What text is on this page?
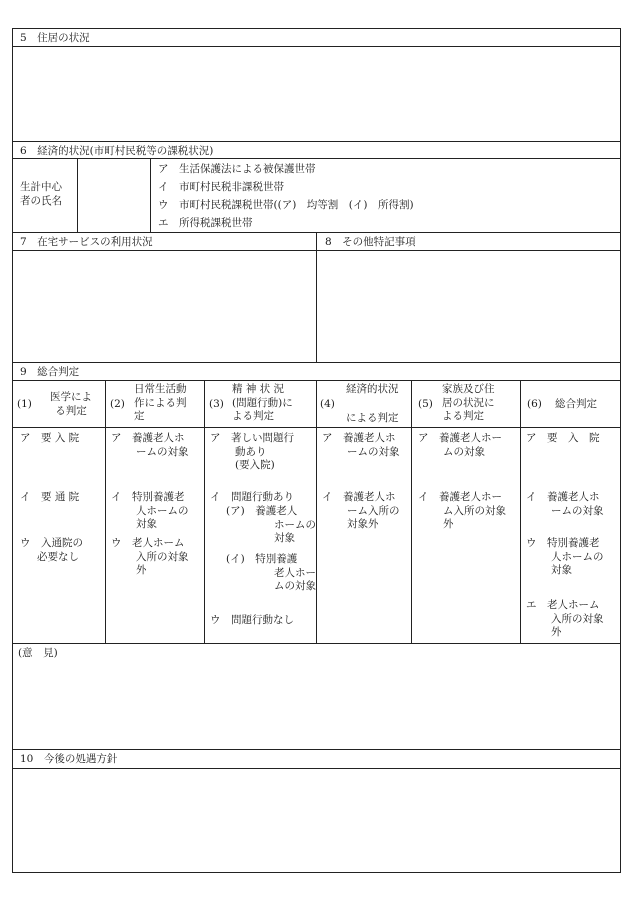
5　住居の状況
6　経済的状況(市町村民税等の課税状況)
生計中心
者の氏名
ア　生活保護法による被保護世帯
イ　市町村民税非課税世帯
ウ　市町村民税課税世帯((ア)　均等割　(イ)　所得割)
エ　所得税課税世帯
7　在宅サービスの利用状況	8　その他特記事項
9　総合判定
(1)
医学によ
る判定
(2)
日常生活動
作による判
定
(3)
精 神 状 況
(問題行動)に
よる判定
(4)
経済的状況
による判定
(5)
家族及び住
居の状況に
よる判定
(6) 総合判定
ア　要 入 院
イ　要 通 院
ウ　入通院の
必要なし
ア　養護老人ホ
ームの対象
イ　特別養護老
人ホームの
対象
ウ　老人ホーム
入所の対象
外
ア　著しい問題行
動あり
(要入院)
イ　問題行動あり
(ア)　養護老人
ホームの
対象
(イ)　特別養護
老人ホー
ムの対象
ウ　問題行動なし
ア　養護老人ホ
ームの対象
イ　養護老人ホ
ーム入所の
対象外
ア　養護老人ホー
ムの対象
イ　養護老人ホー
ム入所の対象
外
ア　要　入　院
イ　養護老人ホ
ームの対象
ウ　特別養護老
人ホームの
対象
エ　老人ホーム
入所の対象
外
(意　見)
10　今後の処遇方針
